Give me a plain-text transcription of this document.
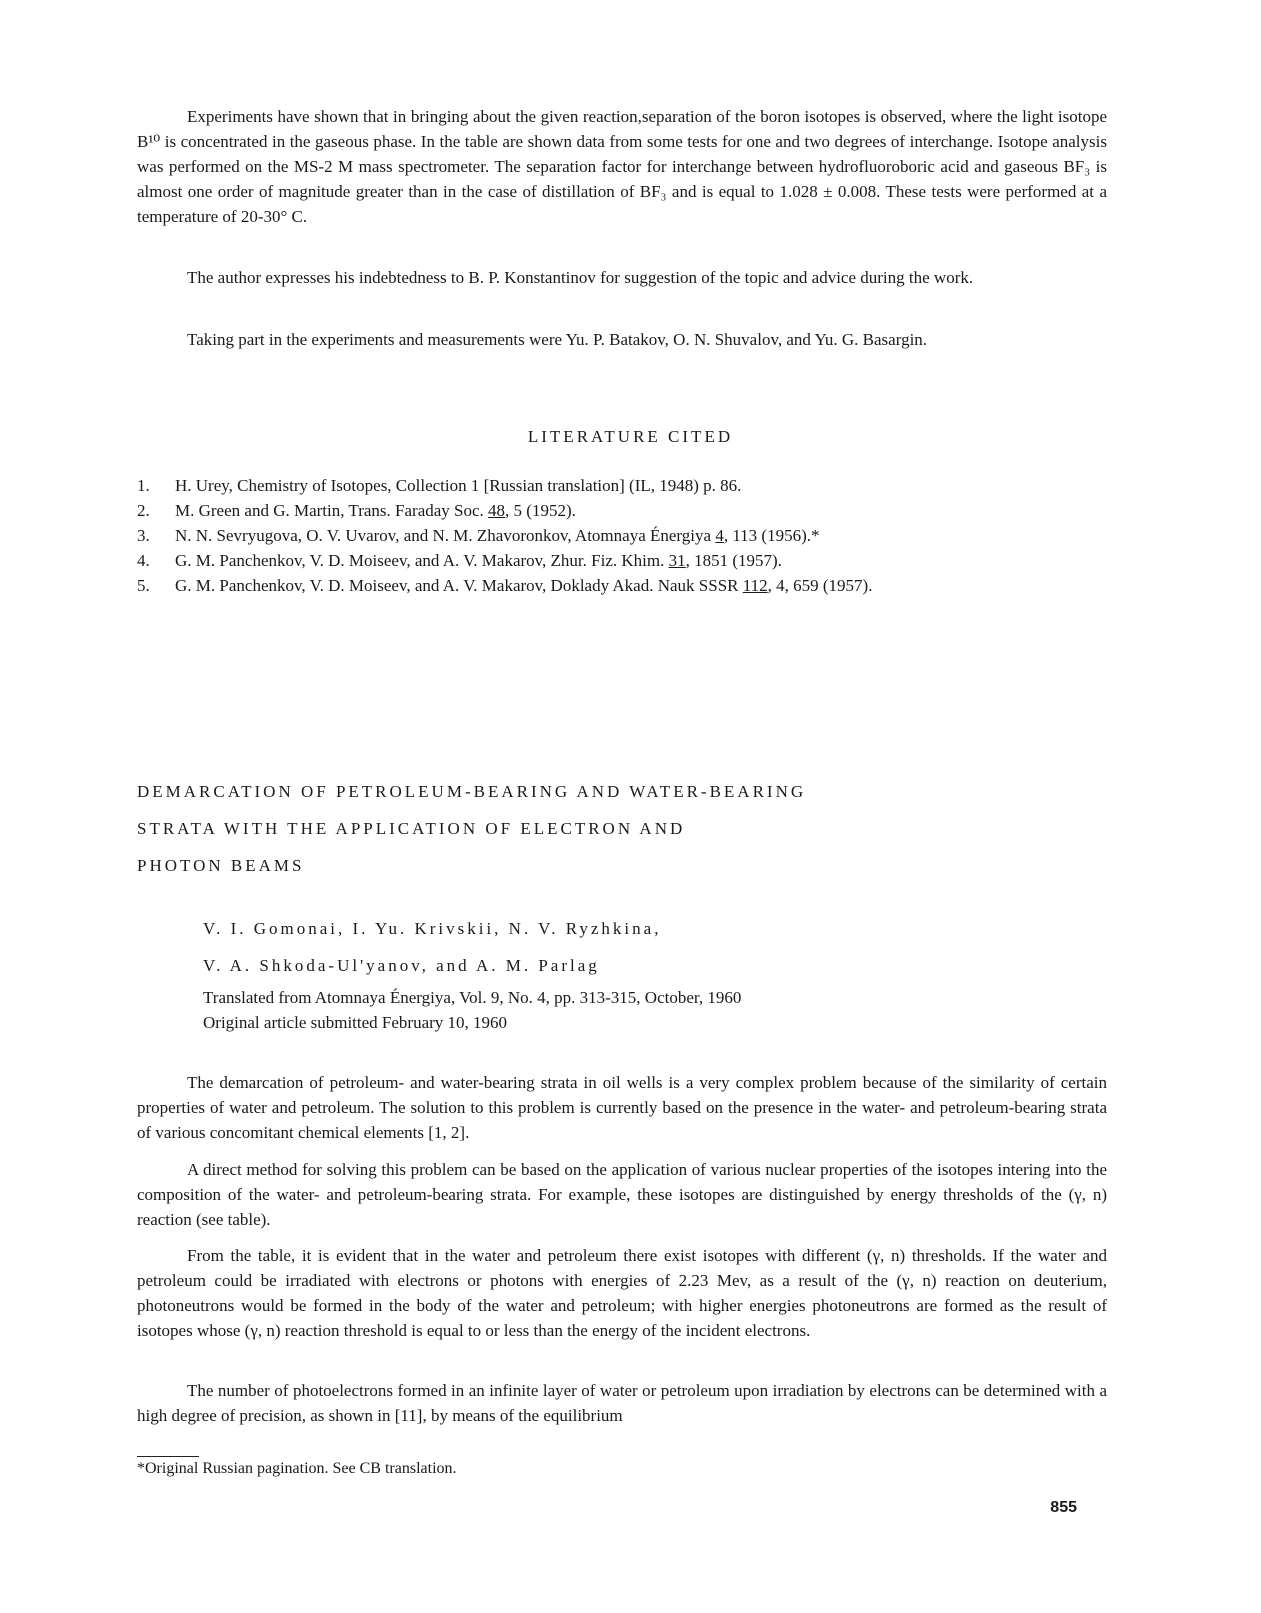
Experiments have shown that in bringing about the given reaction,separation of the boron isotopes is observed, where the light isotope B¹⁰ is concentrated in the gaseous phase. In the table are shown data from some tests for one and two degrees of interchange. Isotope analysis was performed on the MS-2 M mass spectrometer. The separation factor for interchange between hydrofluoroboric acid and gaseous BF₃ is almost one order of magnitude greater than in the case of distillation of BF₃ and is equal to 1.028 ± 0.008. These tests were performed at a temperature of 20-30° C.

The author expresses his indebtedness to B. P. Konstantinov for suggestion of the topic and advice during the work.

Taking part in the experiments and measurements were Yu. P. Batakov, O. N. Shuvalov, and Yu. G. Basargin.

LITERATURE CITED
1.	H. Urey, Chemistry of Isotopes, Collection 1 [Russian translation] (IL, 1948) p. 86.
2.	M. Green and G. Martin, Trans. Faraday Soc. 48, 5 (1952).
3.	N. N. Sevryugova, O. V. Uvarov, and N. M. Zhavoronkov, Atomnaya Énergiya 4, 113 (1956).*
4.	G. M. Panchenkov, V. D. Moiseev, and A. V. Makarov, Zhur. Fiz. Khim. 31, 1851 (1957).
5.	G. M. Panchenkov, V. D. Moiseev, and A. V. Makarov, Doklady Akad. Nauk SSSR 112, 4, 659 (1957).
DEMARCATION OF PETROLEUM-BEARING AND WATER-BEARING
STRATA WITH THE APPLICATION OF ELECTRON AND
PHOTON BEAMS
V. I. Gomonai, I. Yu. Krivskii, N. V. Ryzhkina,
V. A. Shkoda-Ul'yanov, and A. M. Parlag
Translated from Atomnaya Énergiya, Vol. 9, No. 4, pp. 313-315, October, 1960
Original article submitted February 10, 1960

The demarcation of petroleum- and water-bearing strata in oil wells is a very complex problem because of the similarity of certain properties of water and petroleum. The solution to this problem is currently based on the presence in the water- and petroleum-bearing strata of various concomitant chemical elements [1, 2].

A direct method for solving this problem can be based on the application of various nuclear properties of the isotopes intering into the composition of the water- and petroleum-bearing strata. For example, these isotopes are distinguished by energy thresholds of the (γ, n) reaction (see table).

From the table, it is evident that in the water and petroleum there exist isotopes with different (γ, n) thresholds. If the water and petroleum could be irradiated with electrons or photons with energies of 2.23 Mev, as a result of the (γ, n) reaction on deuterium, photoneutrons would be formed in the body of the water and petroleum; with higher energies photoneutrons are formed as the result of isotopes whose (γ, n) reaction threshold is equal to or less than the energy of the incident electrons.

The number of photoelectrons formed in an infinite layer of water or petroleum upon irradiation by electrons can be determined with a high degree of precision, as shown in [11], by means of the equilibrium

*Original Russian pagination. See CB translation.
855
